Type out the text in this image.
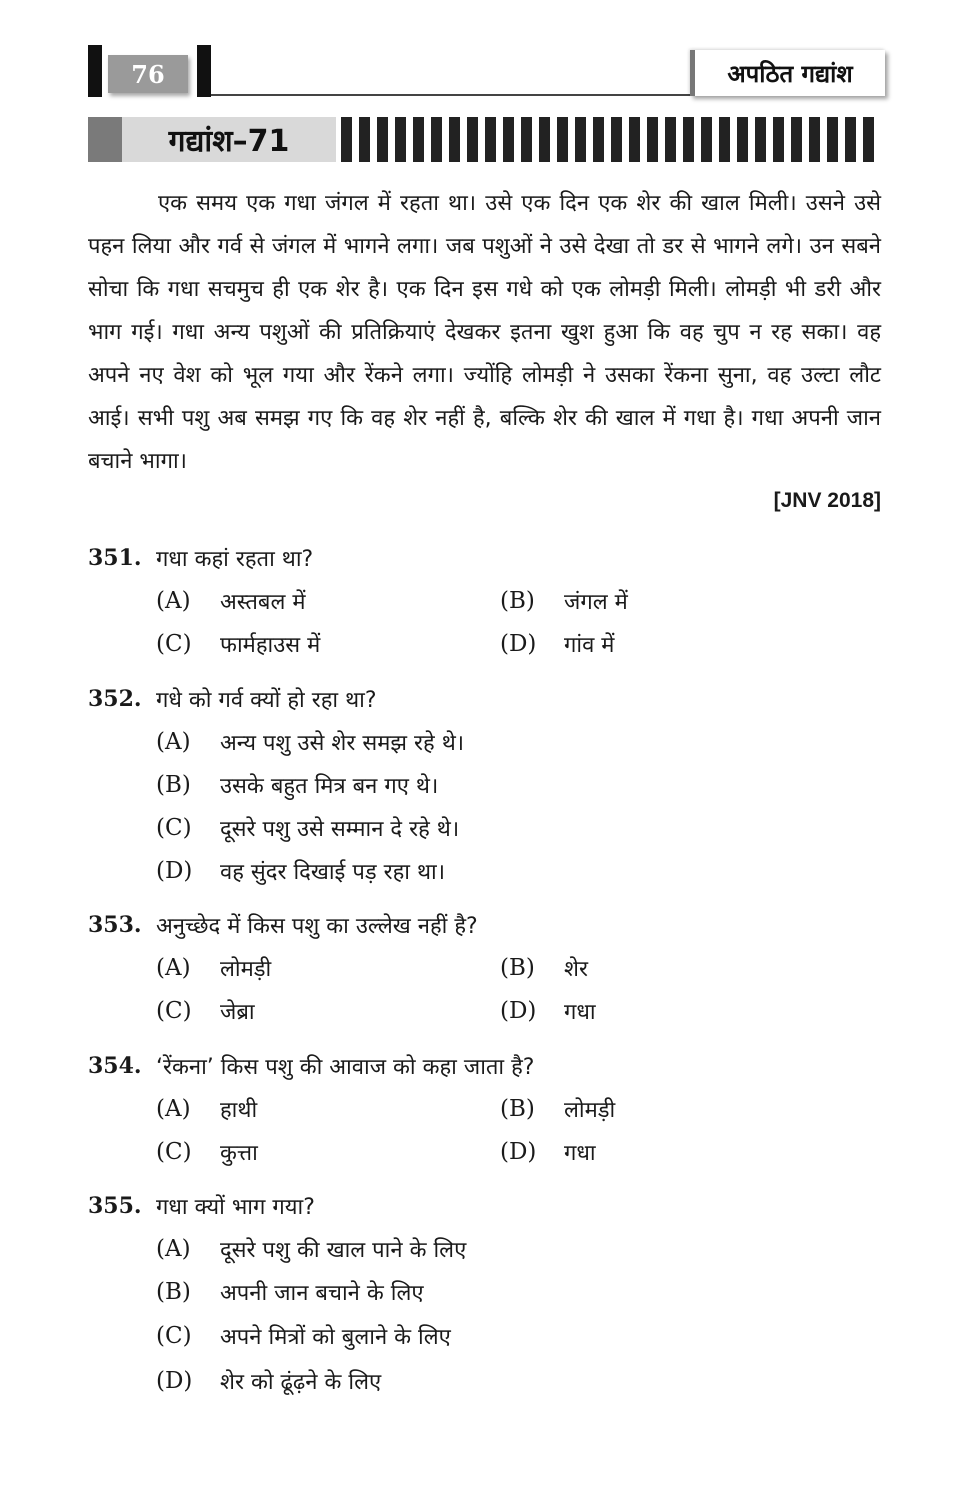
76	अपठित गद्यांश
गद्यांश–71
एक समय एक गधा जंगल में रहता था। उसे एक दिन एक शेर की खाल मिली। उसने उसे पहन लिया और गर्व से जंगल में भागने लगा। जब पशुओं ने उसे देखा तो डर से भागने लगे। उन सबने सोचा कि गधा सचमुच ही एक शेर है। एक दिन इस गधे को एक लोमड़ी मिली। लोमड़ी भी डरी और भाग गई। गधा अन्य पशुओं की प्रतिक्रियाएं देखकर इतना खुश हुआ कि वह चुप न रह सका। वह अपने नए वेश को भूल गया और रेंकने लगा। ज्योंहि लोमड़ी ने उसका रेंकना सुना, वह उल्टा लौट आई। सभी पशु अब समझ गए कि वह शेर नहीं है, बल्कि शेर की खाल में गधा है। गधा अपनी जान बचाने भागा।
[JNV 2018]
351. गधा कहां रहता था?
(A)	अस्तबल में	(B)	जंगल में
(C)	फार्महाउस में	(D)	गांव में
352. गधे को गर्व क्यों हो रहा था?
(A)	अन्य पशु उसे शेर समझ रहे थे।
(B)	उसके बहुत मित्र बन गए थे।
(C)	दूसरे पशु उसे सम्मान दे रहे थे।
(D)	वह सुंदर दिखाई पड़ रहा था।
353. अनुच्छेद में किस पशु का उल्लेख नहीं है?
(A)	लोमड़ी	(B)	शेर
(C)	जेब्रा	(D)	गधा
354. ‘रेंकना’ किस पशु की आवाज को कहा जाता है?
(A)	हाथी	(B)	लोमड़ी
(C)	कुत्ता	(D)	गधा
355. गधा क्यों भाग गया?
(A)	दूसरे पशु की खाल पाने के लिए
(B)	अपनी जान बचाने के लिए
(C)	अपने मित्रों को बुलाने के लिए
(D)	शेर को ढूंढ़ने के लिए
